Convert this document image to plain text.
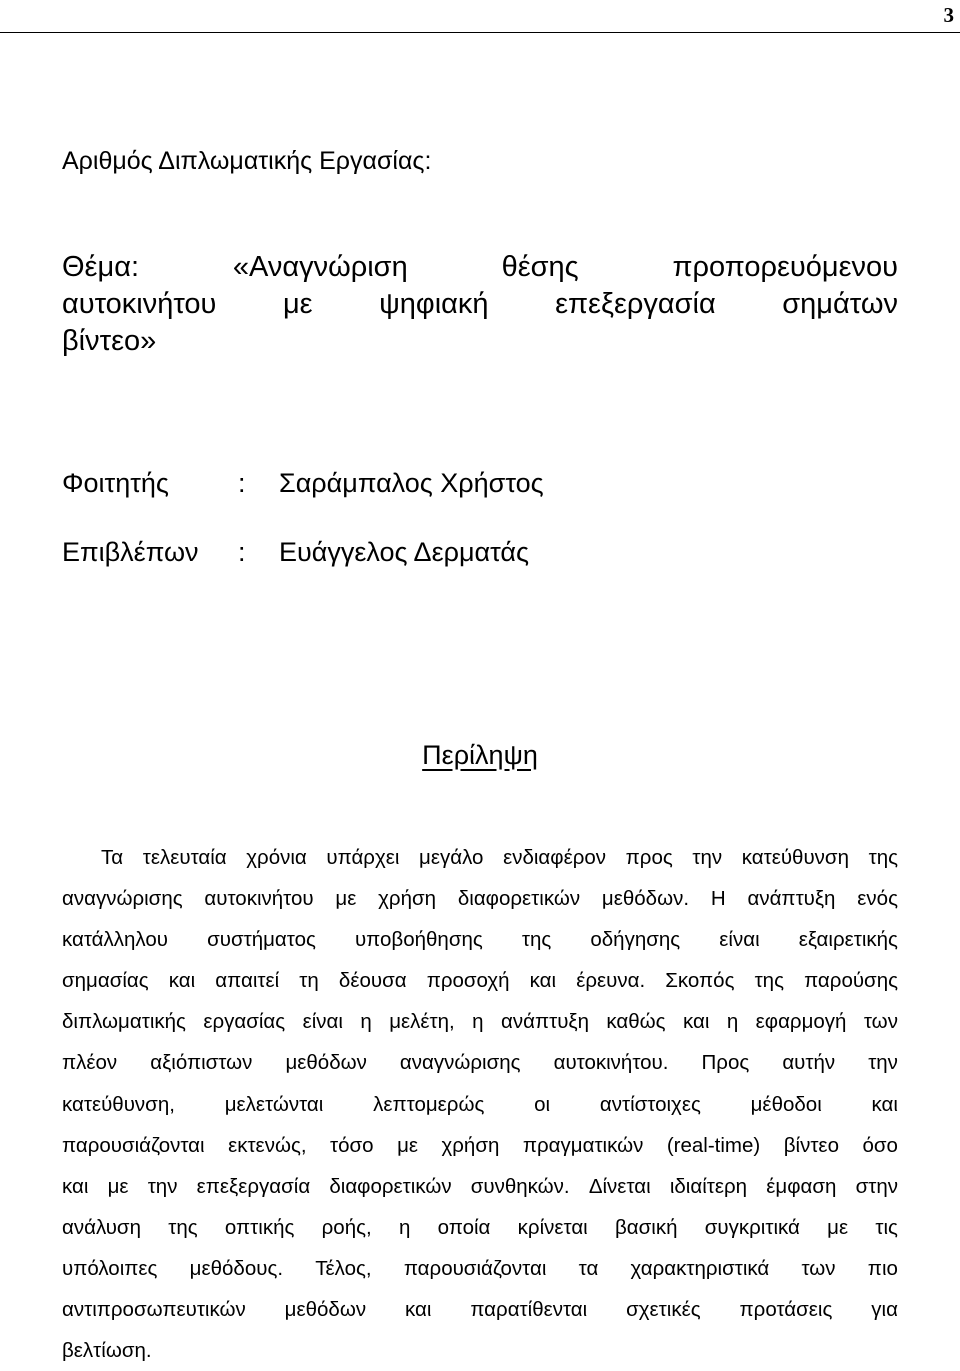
3
Αριθμός Διπλωματικής Εργασίας:
Θέμα:	«Αναγνώριση	θέσης	προπορευόμενου
αυτοκινήτου με ψηφιακή επεξεργασία σημάτων
βίντεο»
Φοιτητής	: Σαράμπαλος Χρήστος
Επιβλέπων : Ευάγγελος Δερματάς
Περίληψη
Τα τελευταία χρόνια υπάρχει μεγάλο ενδιαφέρον προς την κατεύθυνση της
αναγνώρισης αυτοκινήτου με χρήση διαφορετικών μεθόδων. Η ανάπτυξη ενός
κατάλληλου συστήματος υποβοήθησης της οδήγησης είναι εξαιρετικής
σημασίας και απαιτεί τη δέουσα προσοχή και έρευνα. Σκοπός της παρούσης
διπλωματικής εργασίας είναι η μελέτη, η ανάπτυξη καθώς και η εφαρμογή των
πλέον αξιόπιστων μεθόδων αναγνώρισης αυτοκινήτου. Προς αυτήν την
κατεύθυνση, μελετώνται λεπτομερώς οι αντίστοιχες μέθοδοι και
παρουσιάζονται εκτενώς, τόσο με χρήση πραγματικών (real-time) βίντεο όσο
και με την επεξεργασία διαφορετικών συνθηκών. Δίνεται ιδιαίτερη έμφαση στην
ανάλυση της οπτικής ροής, η οποία κρίνεται βασική συγκριτικά με τις
υπόλοιπες μεθόδους. Τέλος, παρουσιάζονται τα χαρακτηριστικά των πιο
αντιπροσωπευτικών μεθόδων και παρατίθενται σχετικές προτάσεις για
βελτίωση.
